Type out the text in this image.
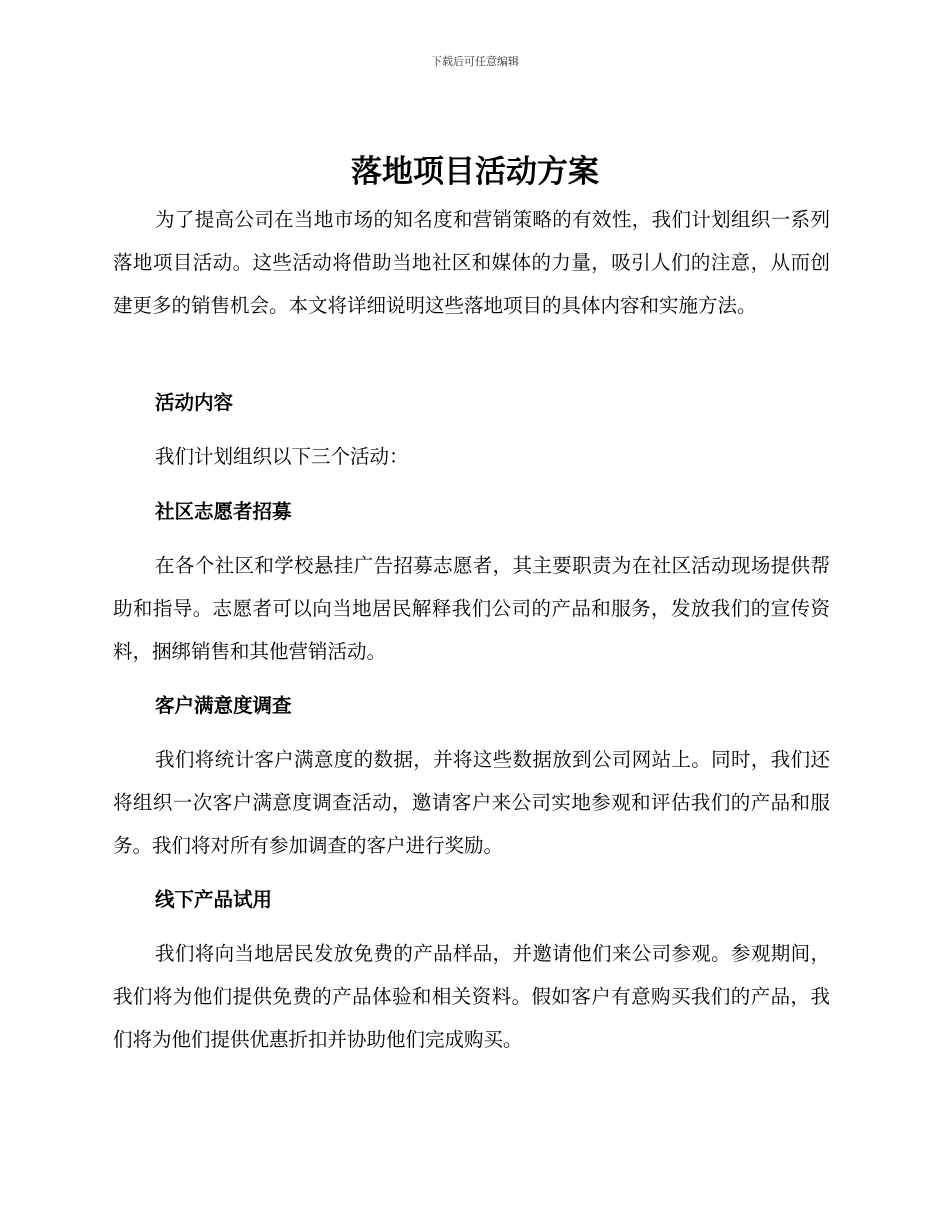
下载后可任意编辑
落地项目活动方案

为了提高公司在当地市场的知名度和营销策略的有效性，我们计划组织一系列落地项目活动。这些活动将借助当地社区和媒体的力量，吸引人们的注意，从而创建更多的销售机会。本文将详细说明这些落地项目的具体内容和实施方法。

活动内容

我们计划组织以下三个活动：

社区志愿者招募

在各个社区和学校悬挂广告招募志愿者，其主要职责为在社区活动现场提供帮助和指导。志愿者可以向当地居民解释我们公司的产品和服务，发放我们的宣传资料，捆绑销售和其他营销活动。

客户满意度调查

我们将统计客户满意度的数据，并将这些数据放到公司网站上。同时，我们还将组织一次客户满意度调查活动，邀请客户来公司实地参观和评估我们的产品和服务。我们将对所有参加调查的客户进行奖励。

线下产品试用

我们将向当地居民发放免费的产品样品，并邀请他们来公司参观。参观期间，我们将为他们提供免费的产品体验和相关资料。假如客户有意购买我们的产品，我们将为他们提供优惠折扣并协助他们完成购买。
